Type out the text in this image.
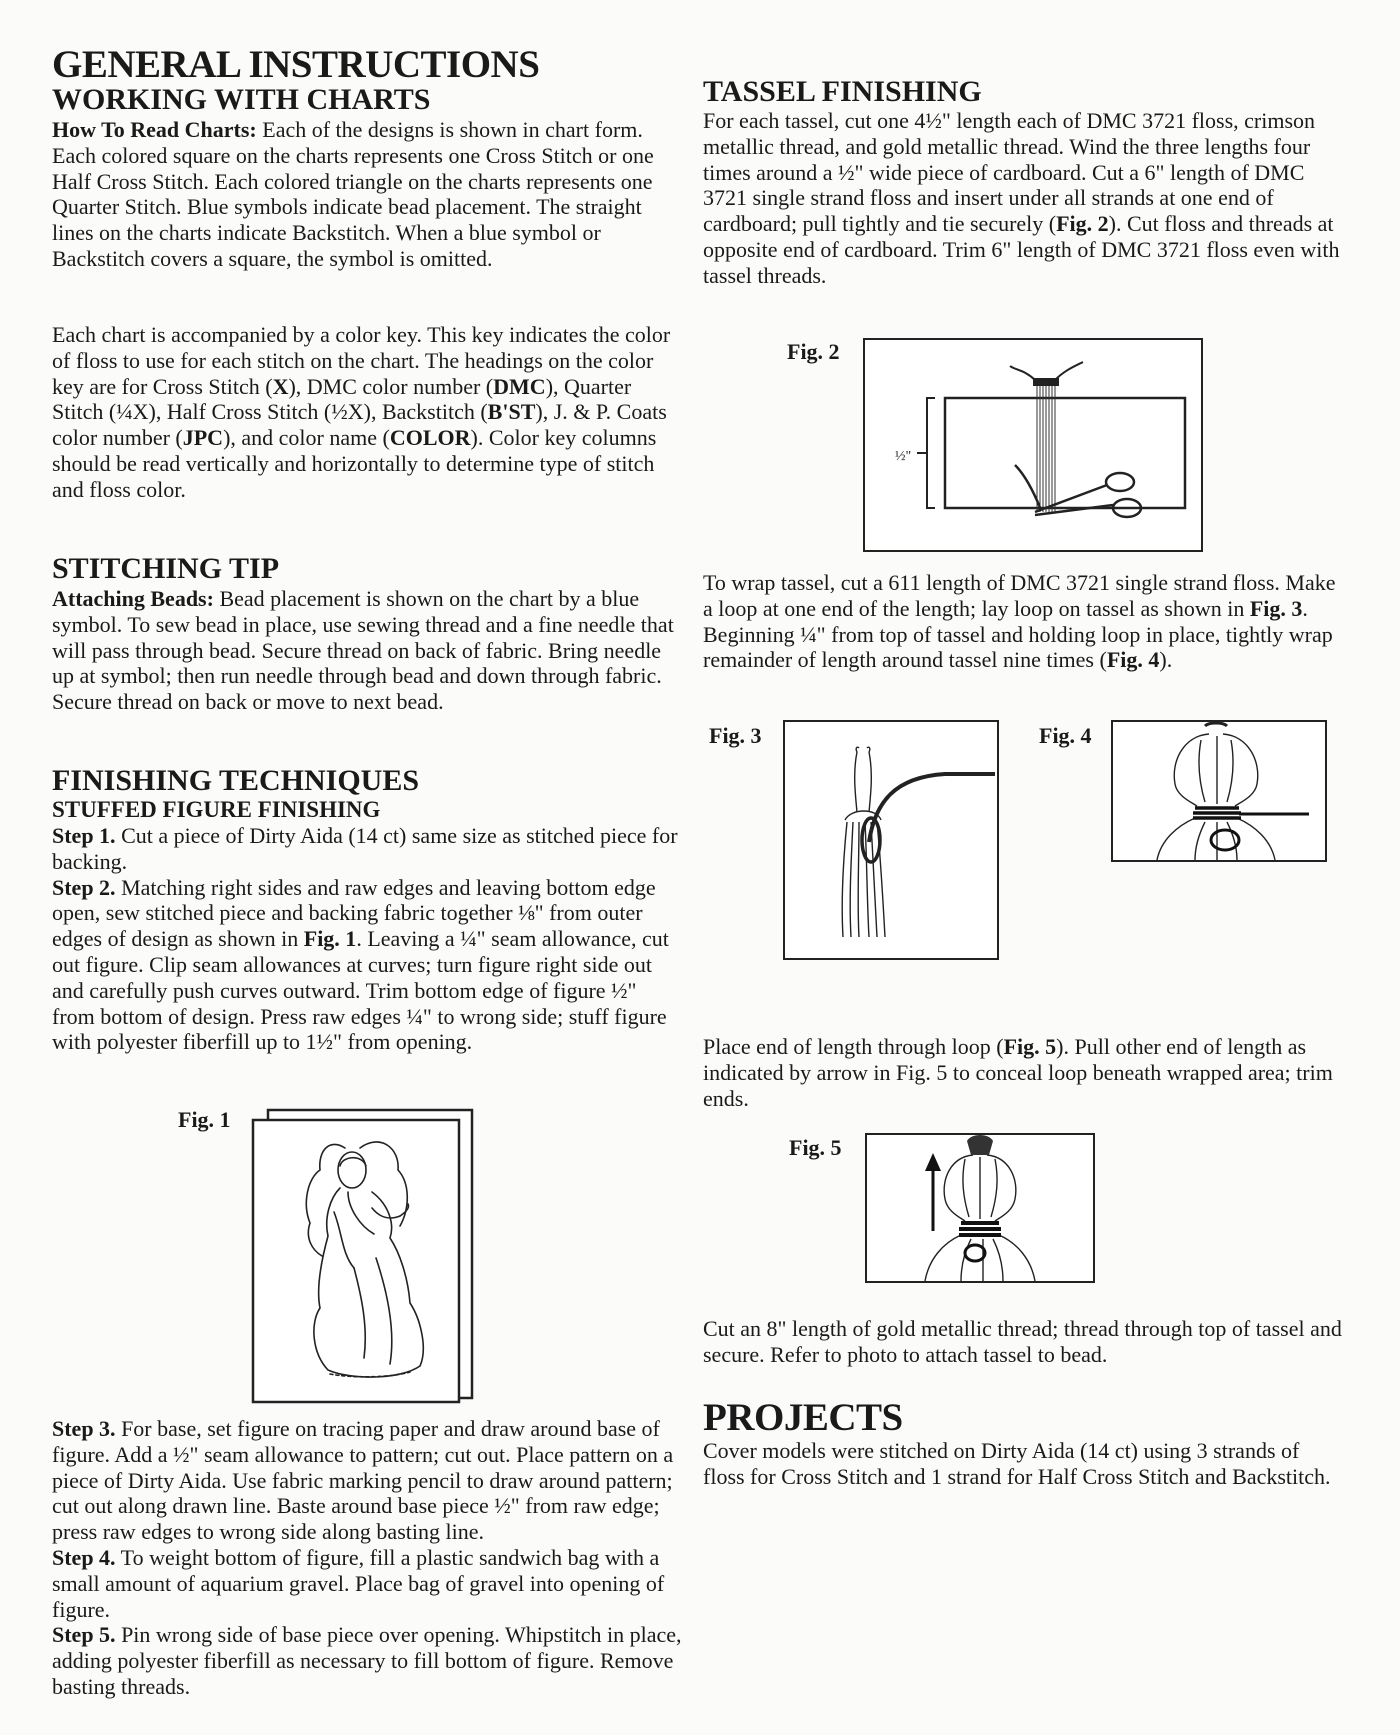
GENERAL INSTRUCTIONS
WORKING WITH CHARTS

How To Read Charts: Each of the designs is shown in chart form. Each colored square on the charts represents one Cross Stitch or one Half Cross Stitch. Each colored triangle on the charts represents one Quarter Stitch. Blue symbols indicate bead placement. The straight lines on the charts indicate Backstitch. When a blue symbol or Backstitch covers a square, the symbol is omitted.

Each chart is accompanied by a color key. This key indicates the color of floss to use for each stitch on the chart. The headings on the color key are for Cross Stitch (X), DMC color number (DMC), Quarter Stitch (¼X), Half Cross Stitch (½X), Backstitch (B'ST), J. & P. Coats color number (JPC), and color name (COLOR). Color key columns should be read vertically and horizontally to determine type of stitch and floss color.

STITCHING TIP

Attaching Beads: Bead placement is shown on the chart by a blue symbol. To sew bead in place, use sewing thread and a fine needle that will pass through bead. Secure thread on back of fabric. Bring needle up at symbol; then run needle through bead and down through fabric. Secure thread on back or move to next bead.

FINISHING TECHNIQUES
STUFFED FIGURE FINISHING

Step 1. Cut a piece of Dirty Aida (14 ct) same size as stitched piece for backing.
Step 2. Matching right sides and raw edges and leaving bottom edge open, sew stitched piece and backing fabric together ⅛" from outer edges of design as shown in Fig. 1. Leaving a ¼" seam allowance, cut out figure. Clip seam allowances at curves; turn figure right side out and carefully push curves outward. Trim bottom edge of figure ½" from bottom of design. Press raw edges ¼" to wrong side; stuff figure with polyester fiberfill up to 1½" from opening.

Fig. 1

Step 3. For base, set figure on tracing paper and draw around base of figure. Add a ½" seam allowance to pattern; cut out. Place pattern on a piece of Dirty Aida. Use fabric marking pencil to draw around pattern; cut out along drawn line. Baste around base piece ½" from raw edge; press raw edges to wrong side along basting line.
Step 4. To weight bottom of figure, fill a plastic sandwich bag with a small amount of aquarium gravel. Place bag of gravel into opening of figure.
Step 5. Pin wrong side of base piece over opening. Whipstitch in place, adding polyester fiberfill as necessary to fill bottom of figure. Remove basting threads.

TASSEL FINISHING

For each tassel, cut one 4½" length each of DMC 3721 floss, crimson metallic thread, and gold metallic thread. Wind the three lengths four times around a ½" wide piece of cardboard. Cut a 6" length of DMC 3721 single strand floss and insert under all strands at one end of cardboard; pull tightly and tie securely (Fig. 2). Cut floss and threads at opposite end of cardboard. Trim 6" length of DMC 3721 floss even with tassel threads.

Fig. 2
½"

To wrap tassel, cut a 611 length of DMC 3721 single strand floss. Make a loop at one end of the length; lay loop on tassel as shown in Fig. 3. Beginning ¼" from top of tassel and holding loop in place, tightly wrap remainder of length around tassel nine times (Fig. 4).

Fig. 3	Fig. 4

Place end of length through loop (Fig. 5). Pull other end of length as indicated by arrow in Fig. 5 to conceal loop beneath wrapped area; trim ends.

Fig. 5

Cut an 8" length of gold metallic thread; thread through top of tassel and secure. Refer to photo to attach tassel to bead.

PROJECTS

Cover models were stitched on Dirty Aida (14 ct) using 3 strands of floss for Cross Stitch and 1 strand for Half Cross Stitch and Backstitch.
